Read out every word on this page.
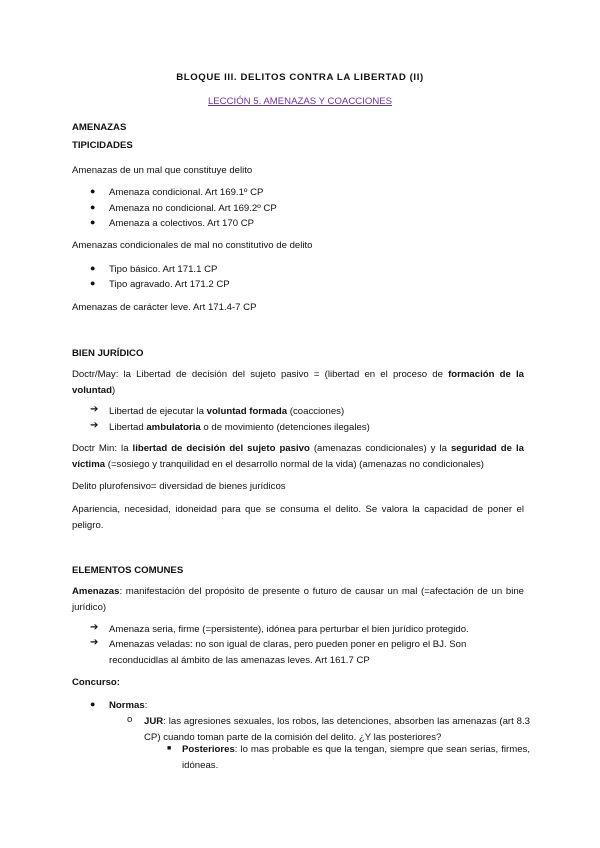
BLOQUE III. DELITOS CONTRA LA LIBERTAD (II)
LECCIÓN 5. AMENAZAS Y COACCIONES
AMENAZAS
TIPICIDADES
Amenazas de un mal que constituye delito
● Amenaza condicional. Art 169.1º CP
● Amenaza no condicional. Art 169.2º CP
● Amenaza a colectivos. Art 170 CP
Amenazas condicionales de mal no constitutivo de delito
● Tipo básico. Art 171.1 CP
● Tipo agravado. Art 171.2 CP
Amenazas de carácter leve. Art 171.4-7 CP
BIEN JURÍDICO
Doctr/May: la Libertad de decisión del sujeto pasivo = (libertad en el proceso de formación de la voluntad)
➔ Libertad de ejecutar la voluntad formada (coacciones)
➔ Libertad ambulatoria o de movimiento (detenciones ilegales)
Doctr Min: la libertad de decisión del sujeto pasivo (amenazas condicionales) y la seguridad de la víctima (=sosiego y tranquilidad en el desarrollo normal de la vida) (amenazas no condicionales)
Delito plurofensivo= diversidad de bienes jurídicos
Apariencia, necesidad, idoneidad para que se consuma el delito. Se valora la capacidad de poner el peligro.
ELEMENTOS COMUNES
Amenazas: manifestación del propósito de presente o futuro de causar un mal (=afectación de un bine jurídico)
➔ Amenaza seria, firme (=persistente), idónea para perturbar el bien jurídico protegido.
➔ Amenazas veladas: no son igual de claras, pero pueden poner en peligro el BJ. Son reconducidlas al ámbito de las amenazas leves. Art 161.7 CP
Concurso:
● Normas:
o JUR: las agresiones sexuales, los robos, las detenciones, absorben las amenazas (art 8.3 CP) cuando toman parte de la comisión del delito. ¿Y las posteriores?
■ Posteriores: lo mas probable es que la tengan, siempre que sean serias, firmes, idóneas.
